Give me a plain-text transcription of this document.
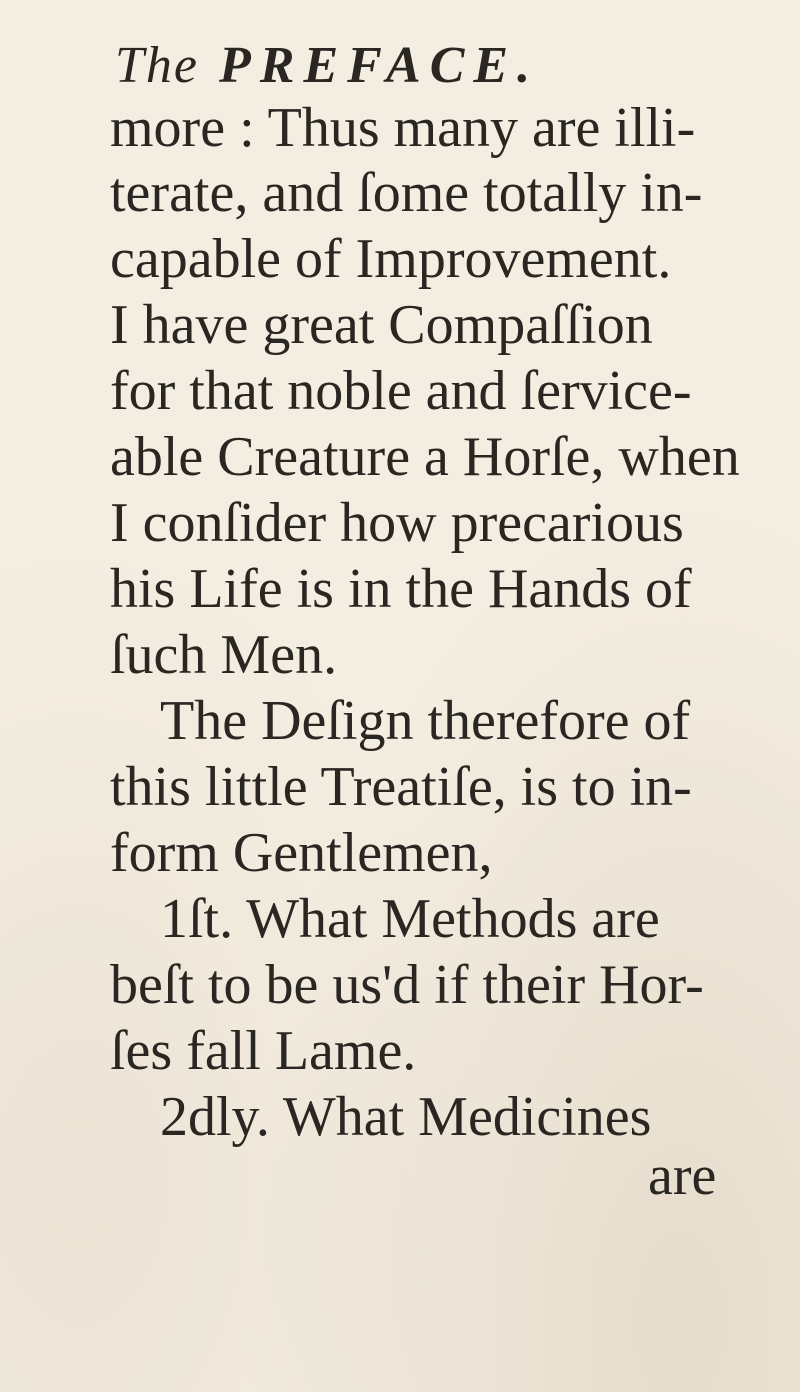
The PREFACE.
more : Thus many are illi-
terate, and ſome totally in-
capable of Improvement.
I have great Compaſſion
for that noble and ſervice-
able Creature a Horſe, when
I conſider how precarious
his Life is in the Hands of
ſuch Men.
The Deſign therefore of
this little Treatiſe, is to in-
form Gentlemen,
1ſt. What Methods are
beſt to be us'd if their Hor-
ſes fall Lame.
2dly. What Medicines
are
